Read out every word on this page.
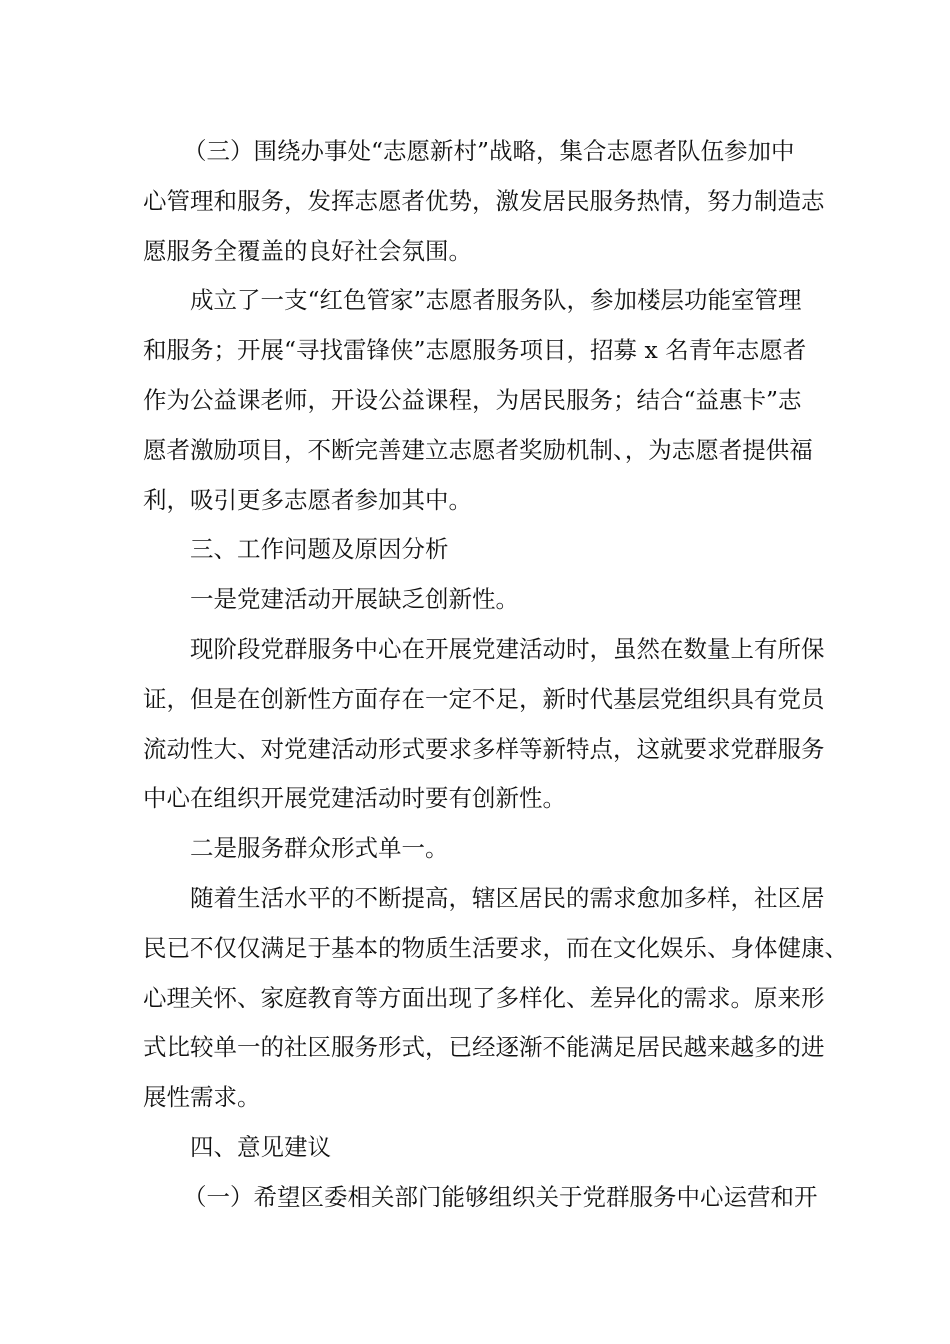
（三）围绕办事处“志愿新村”战略，集合志愿者队伍参加中
心管理和服务，发挥志愿者优势，激发居民服务热情，努力制造志
愿服务全覆盖的良好社会氛围。
成立了一支“红色管家”志愿者服务队，参加楼层功能室管理
和服务；开展“寻找雷锋侠”志愿服务项目，招募 x 名青年志愿者
作为公益课老师，开设公益课程，为居民服务；结合“益惠卡”志
愿者激励项目，不断完善建立志愿者奖励机制、，为志愿者提供福
利，吸引更多志愿者参加其中。
三、工作问题及原因分析
一是党建活动开展缺乏创新性。
现阶段党群服务中心在开展党建活动时，虽然在数量上有所保
证，但是在创新性方面存在一定不足，新时代基层党组织具有党员
流动性大、对党建活动形式要求多样等新特点，这就要求党群服务
中心在组织开展党建活动时要有创新性。
二是服务群众形式单一。
随着生活水平的不断提高，辖区居民的需求愈加多样，社区居
民已不仅仅满足于基本的物质生活要求，而在文化娱乐、身体健康、
心理关怀、家庭教育等方面出现了多样化、差异化的需求。原来形
式比较单一的社区服务形式，已经逐渐不能满足居民越来越多的进
展性需求。
四、意见建议
（一）希望区委相关部门能够组织关于党群服务中心运营和开
